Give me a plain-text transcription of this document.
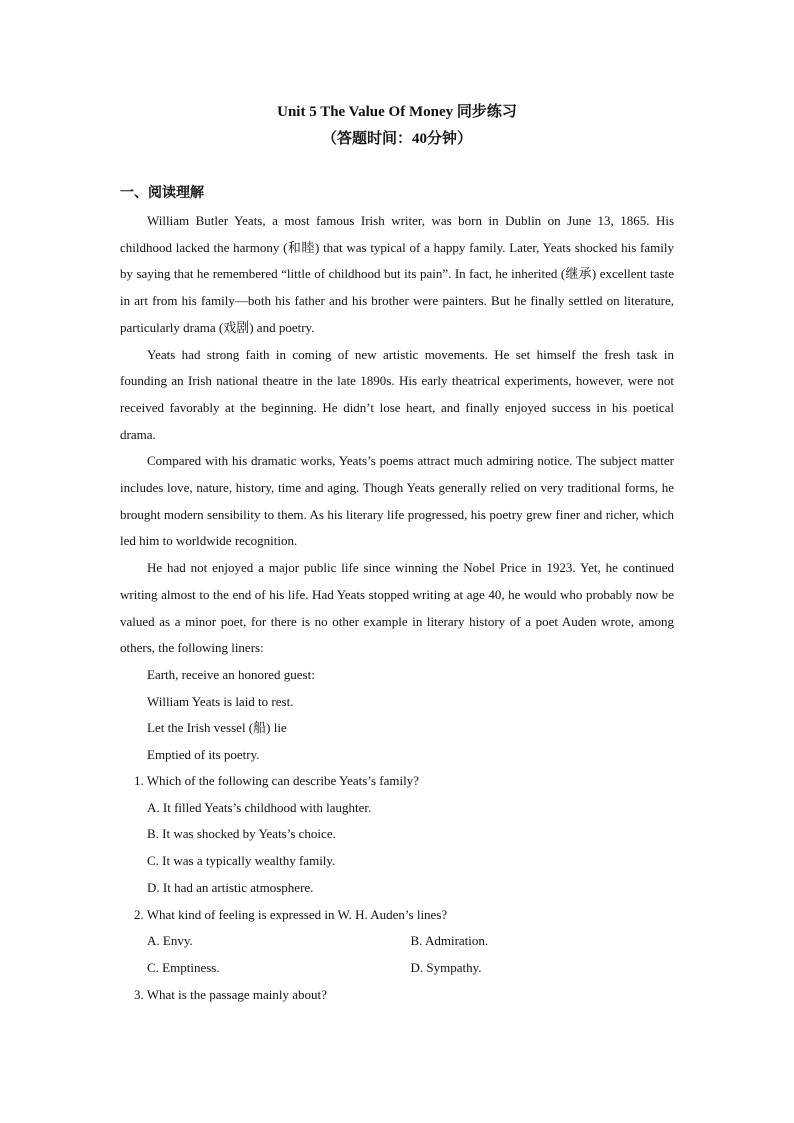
Unit 5 The Value Of Money 同步练习
（答题时间：40分钟）
一、阅读理解

William Butler Yeats, a most famous Irish writer, was born in Dublin on June 13, 1865. His childhood lacked the harmony (和睦) that was typical of a happy family. Later, Yeats shocked his family by saying that he remembered “little of childhood but its pain”. In fact, he inherited (继承) excellent taste in art from his family—both his father and his brother were painters. But he finally settled on literature, particularly drama (戏剧) and poetry.

Yeats had strong faith in coming of new artistic movements. He set himself the fresh task in founding an Irish national theatre in the late 1890s. His early theatrical experiments, however, were not received favorably at the beginning. He didn’t lose heart, and finally enjoyed success in his poetical drama.

Compared with his dramatic works, Yeats’s poems attract much admiring notice. The subject matter includes love, nature, history, time and aging. Though Yeats generally relied on very traditional forms, he brought modern sensibility to them. As his literary life progressed, his poetry grew finer and richer, which led him to worldwide recognition.

He had not enjoyed a major public life since winning the Nobel Price in 1923. Yet, he continued writing almost to the end of his life. Had Yeats stopped writing at age 40, he would who probably now be valued as a minor poet, for there is no other example in literary history of a poet Auden wrote, among others, the following liners:

Earth, receive an honored guest:
William Yeats is laid to rest.
Let the Irish vessel (船) lie
Emptied of its poetry.
1. Which of the following can describe Yeats’s family?
A. It filled Yeats’s childhood with laughter.
B. It was shocked by Yeats’s choice.
C. It was a typically wealthy family.
D. It had an artistic atmosphere.
2. What kind of feeling is expressed in W. H. Auden’s lines?
A. Envy.	B. Admiration.
C. Emptiness.	D. Sympathy.
3. What is the passage mainly about?
